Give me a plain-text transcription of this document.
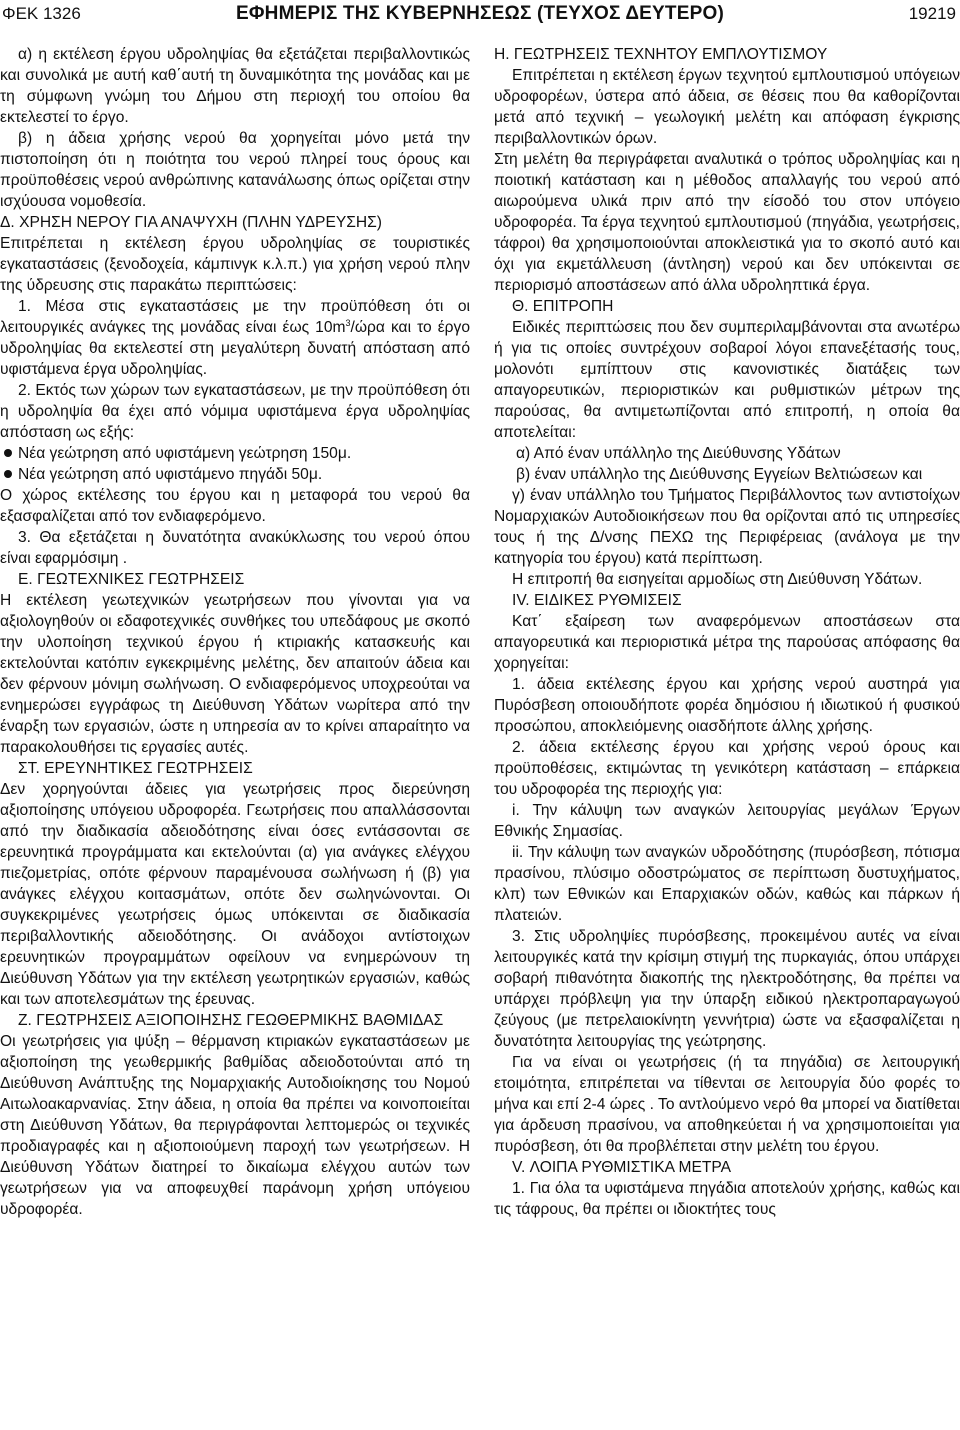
ΦΕΚ 1326	ΕΦΗΜΕΡΙΣ ΤΗΣ ΚΥΒΕΡΝΗΣΕΩΣ (ΤΕΥΧΟΣ ΔΕΥΤΕΡΟ)	19219

α) η εκτέλεση έργου υδροληψίας θα εξετάζεται περιβαλλοντικώς και συνολικά με αυτή καθ΄αυτή τη δυναμικότητα της μονάδας και με τη σύμφωνη γνώμη του Δήμου στη περιοχή του οποίου θα εκτελεστεί το έργο.

β) η άδεια χρήσης νερού θα χορηγείται μόνο μετά την πιστοποίηση ότι η ποιότητα του νερού πληρεί τους όρους και προϋποθέσεις νερού ανθρώπινης κατανάλωσης όπως ορίζεται στην ισχύουσα νομοθεσία.

Δ. ΧΡΗΣΗ ΝΕΡΟΥ ΓΙΑ ΑΝΑΨΥΧΗ (ΠΛΗΝ ΥΔΡΕΥΣΗΣ)

Επιτρέπεται η εκτέλεση έργου υδροληψίας σε τουριστικές εγκαταστάσεις (ξενοδοχεία, κάμπινγκ κ.λ.π.) για χρήση νερού πλην της ύδρευσης στις παρακάτω περιπτώσεις:

1. Μέσα στις εγκαταστάσεις με την προϋπόθεση ότι οι λειτουργικές ανάγκες της μονάδας είναι έως $10m^3$/ώρα και το έργο υδροληψίας θα εκτελεστεί στη μεγαλύτερη δυνατή απόσταση από υφιστάμενα έργα υδροληψίας.

2. Εκτός των χώρων των εγκαταστάσεων, με την προϋπόθεση ότι η υδροληψία θα έχει από νόμιμα υφιστάμενα έργα υδροληψίας απόσταση ως εξής:

Νέα γεώτρηση από υφιστάμενη γεώτρηση 150μ.

Νέα γεώτρηση από υφιστάμενο πηγάδι 50μ.

Ο χώρος εκτέλεσης του έργου και η μεταφορά του νερού θα εξασφαλίζεται από τον ενδιαφερόμενο.

3. Θα εξετάζεται η δυνατότητα ανακύκλωσης του νερού όπου είναι εφαρμόσιμη .

Ε. ΓΕΩΤΕΧΝΙΚΕΣ ΓΕΩΤΡΗΣΕΙΣ

Η εκτέλεση γεωτεχνικών γεωτρήσεων που γίνονται για να αξιολογηθούν οι εδαφοτεχνικές συνθήκες του υπεδάφους με σκοπό την υλοποίηση τεχνικού έργου ή κτιριακής κατασκευής και εκτελούνται κατόπιν εγκεκριμένης μελέτης, δεν απαιτούν άδεια και δεν φέρνουν μόνιμη σωλήνωση. Ο ενδιαφερόμενος υποχρεούται να ενημερώσει εγγράφως τη Διεύθυνση Υδάτων νωρίτερα από την έναρξη των εργασιών, ώστε η υπηρεσία αν το κρίνει απαραίτητο να παρακολουθήσει τις εργασίες αυτές.

ΣΤ. ΕΡΕΥΝΗΤΙΚΕΣ ΓΕΩΤΡΗΣΕΙΣ

Δεν χορηγούνται άδειες για γεωτρήσεις προς διερεύνηση αξιοποίησης υπόγειου υδροφορέα. Γεωτρήσεις που απαλλάσσονται από την διαδικασία αδειοδότησης είναι όσες εντάσσονται σε ερευνητικά προγράμματα και εκτελούνται (α) για ανάγκες ελέγχου πιεζομετρίας, οπότε φέρνουν παραμένουσα σωλήνωση ή (β) για ανάγκες ελέγχου κοιτασμάτων, οπότε δεν σωληνώνονται. Οι συγκεκριμένες γεωτρήσεις όμως υπόκεινται σε διαδικασία περιβαλλοντικής αδειοδότησης. Οι ανάδοχοι αντίστοιχων ερευνητικών προγραμμάτων οφείλουν να ενημερώνουν τη Διεύθυνση Υδάτων για την εκτέλεση γεωτρητικών εργασιών, καθώς και των αποτελεσμάτων της έρευνας.

Ζ. ΓΕΩΤΡΗΣΕΙΣ ΑΞΙΟΠΟΙΗΣΗΣ ΓΕΩΘΕΡΜΙΚΗΣ ΒΑΘΜΙΔΑΣ

Οι γεωτρήσεις για ψύξη – θέρμανση κτιριακών εγκαταστάσεων με αξιοποίηση της γεωθερμικής βαθμίδας αδειοδοτούνται από τη Διεύθυνση Ανάπτυξης της Νομαρχιακής Αυτοδιοίκησης του Νομού Αιτωλοακαρνανίας. Στην άδεια, η οποία θα πρέπει να κοινοποιείται στη Διεύθυνση Υδάτων, θα περιγράφονται λεπτομερώς οι τεχνικές προδιαγραφές και η αξιοποιούμενη παροχή των γεωτρήσεων. Η Διεύθυνση Υδάτων διατηρεί το δικαίωμα ελέγχου αυτών των γεωτρήσεων για να αποφευχθεί παράνομη χρήση υπόγειου υδροφορέα.

Η. ΓΕΩΤΡΗΣΕΙΣ ΤΕΧΝΗΤΟΥ ΕΜΠΛΟΥΤΙΣΜΟΥ

Επιτρέπεται η εκτέλεση έργων τεχνητού εμπλουτισμού υπόγειων υδροφορέων, ύστερα από άδεια, σε θέσεις που θα καθορίζονται μετά από τεχνική – γεωλογική μελέτη και απόφαση έγκρισης περιβαλλοντικών όρων.

Στη μελέτη θα περιγράφεται αναλυτικά ο τρόπος υδροληψίας και η ποιοτική κατάσταση και η μέθοδος απαλλαγής του νερού από αιωρούμενα υλικά πριν από την είσοδό του στον υπόγειο υδροφορέα. Τα έργα τεχνητού εμπλουτισμού (πηγάδια, γεωτρήσεις, τάφροι) θα χρησιμοποιούνται αποκλειστικά για το σκοπό αυτό και όχι για εκμετάλλευση (άντληση) νερού και δεν υπόκεινται σε περιορισμό αποστάσεων από άλλα υδροληπτικά έργα.

Θ. ΕΠΙΤΡΟΠΗ

Ειδικές περιπτώσεις που δεν συμπεριλαμβάνονται στα ανωτέρω ή για τις οποίες συντρέχουν σοβαροί λόγοι επανεξέτασής τους, μολονότι εμπίπτουν στις κανονιστικές διατάξεις των απαγορευτικών, περιοριστικών και ρυθμιστικών μέτρων της παρούσας, θα αντιμετωπίζονται από επιτροπή, η οποία θα αποτελείται:

α) Από έναν υπάλληλο της Διεύθυνσης Υδάτων

β) έναν υπάλληλο της Διεύθυνσης Εγγείων Βελτιώσεων και

γ) έναν υπάλληλο του Τμήματος Περιβάλλοντος των αντιστοίχων Νομαρχιακών Αυτοδιοικήσεων που θα ορίζονται από τις υπηρεσίες τους ή της Δ/νσης ΠΕΧΩ της Περιφέρειας (ανάλογα με την κατηγορία του έργου) κατά περίπτωση.

Η επιτροπή θα εισηγείται αρμοδίως στη Διεύθυνση Υδάτων.

IV. ΕΙΔΙΚΕΣ ΡΥΘΜΙΣΕΙΣ

Κατ΄ εξαίρεση των αναφερόμενων αποστάσεων στα απαγορευτικά και περιοριστικά μέτρα της παρούσας απόφασης θα χορηγείται:

1. άδεια εκτέλεσης έργου και χρήσης νερού αυστηρά για Πυρόσβεση οποιουδήποτε φορέα δημόσιου ή ιδιωτικού ή φυσικού προσώπου, αποκλειόμενης οιασδήποτε άλλης χρήσης.

2. άδεια εκτέλεσης έργου και χρήσης νερού όρους και προϋποθέσεις, εκτιμώντας τη γενικότερη κατάσταση – επάρκεια του υδροφορέα της περιοχής για:

i. Την κάλυψη των αναγκών λειτουργίας μεγάλων Έργων Εθνικής Σημασίας.

ii. Την κάλυψη των αναγκών υδροδότησης (πυρόσβεση, πότισμα πρασίνου, πλύσιμο οδοστρώματος σε περίπτωση δυστυχήματος, κλπ) των Εθνικών και Επαρχιακών οδών, καθώς και πάρκων ή πλατειών.

3. Στις υδροληψίες πυρόσβεσης, προκειμένου αυτές να είναι λειτουργικές κατά την κρίσιμη στιγμή της πυρκαγιάς, όπου υπάρχει σοβαρή πιθανότητα διακοπής της ηλεκτροδότησης, θα πρέπει να υπάρχει πρόβλεψη για την ύπαρξη ειδικού ηλεκτροπαραγωγού ζεύγους (με πετρελαιοκίνητη γεννήτρια) ώστε να εξασφαλίζεται η δυνατότητα λειτουργίας της γεώτρησης.

Για να είναι οι γεωτρήσεις (ή τα πηγάδια) σε λειτουργική ετοιμότητα, επιτρέπεται να τίθενται σε λειτουργία δύο φορές το μήνα και επί 2-4 ώρες . Το αντλούμενο νερό θα μπορεί να διατίθεται για άρδευση πρασίνου, να αποθηκεύεται ή να χρησιμοποιείται για πυρόσβεση, ότι θα προβλέπεται στην μελέτη του έργου.

V. ΛΟΙΠΑ ΡΥΘΜΙΣΤΙΚΑ ΜΕΤΡΑ

1. Για όλα τα υφιστάμενα πηγάδια αποτελούν χρήσης, καθώς και τις τάφρους, θα πρέπει οι ιδιοκτήτες τους
